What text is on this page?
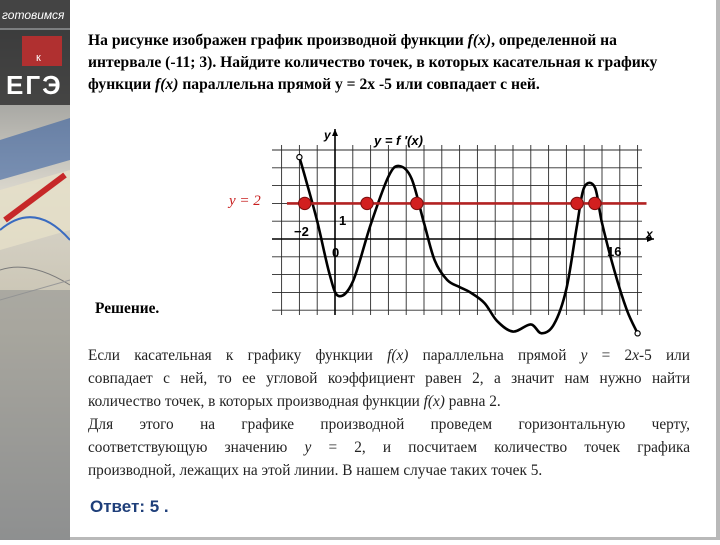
готовимся
к
ЕГЭ
На рисунке изображен график производной функции f(x), определенной на интервале (-11; 3). Найдите количество точек, в которых касательная к графику функции f(x) параллельна прямой y = 2x -5 или совпадает с ней.
y	y = f ′(x)
x
y = 2
−2
1
0	16
Решение.

Если касательная к графику функции f(x) параллельна прямой y = 2x-5 или

совпадает с ней, то ее угловой коэффициент равен 2, а значит нам нужно найти

количество точек, в которых производная функции f(x) равна 2.

Для этого на графике производной проведем горизонтальную черту,

соответствующую значению y = 2, и посчитаем количество точек графика

производной, лежащих на этой линии. В нашем случае таких точек 5.

Ответ: 5 .
